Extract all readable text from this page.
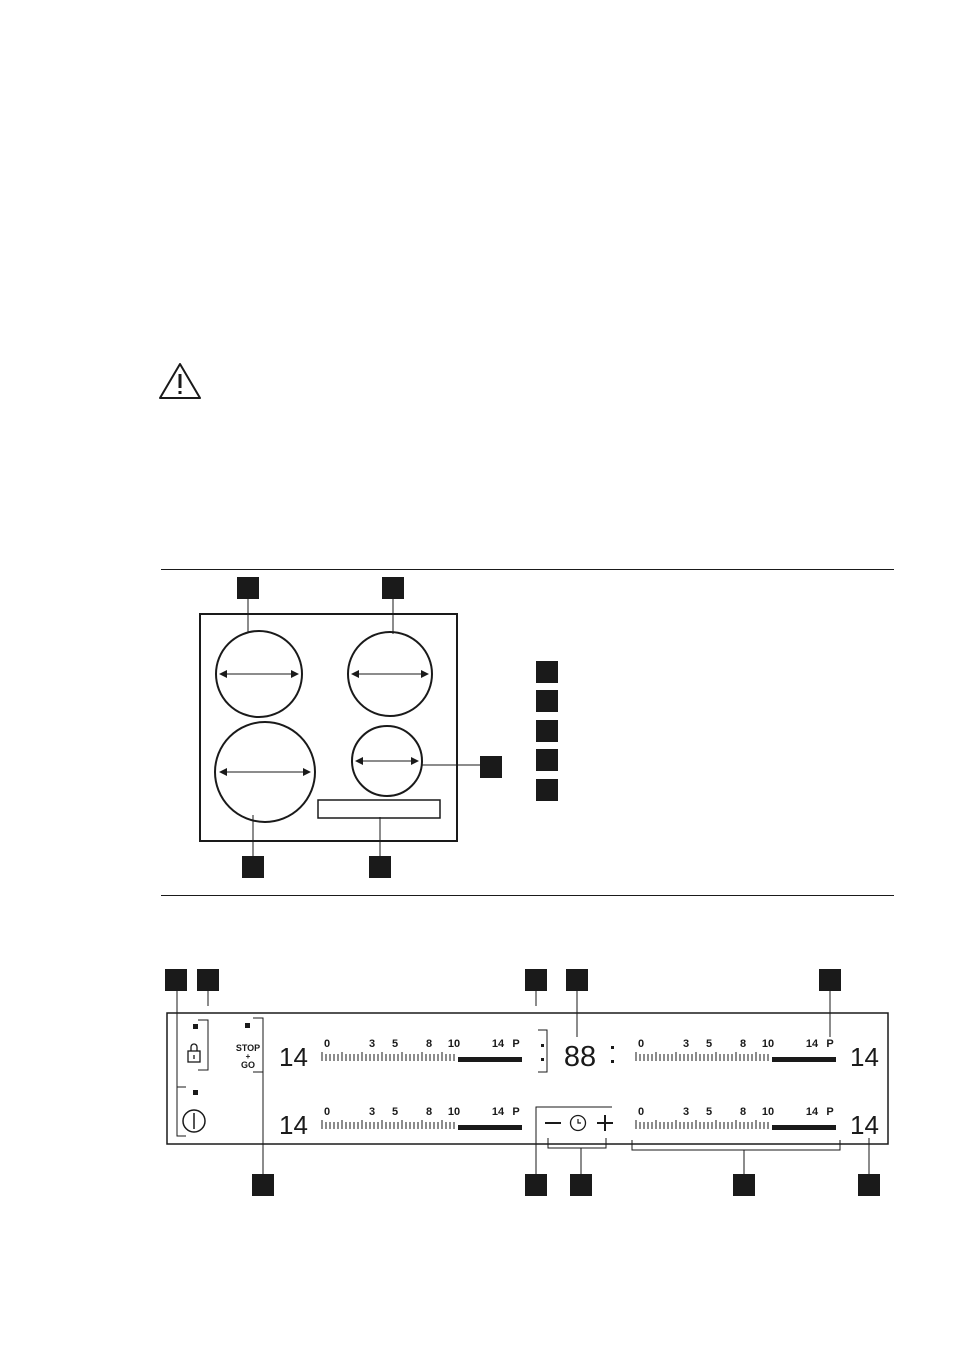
STOP
+
GO	88
14
14
14
14
0	3 5	8 10	14 P
0	3 5	8 10	14 P
0	3 5	8 10	14 P
0	3 5	8 10	14 P
